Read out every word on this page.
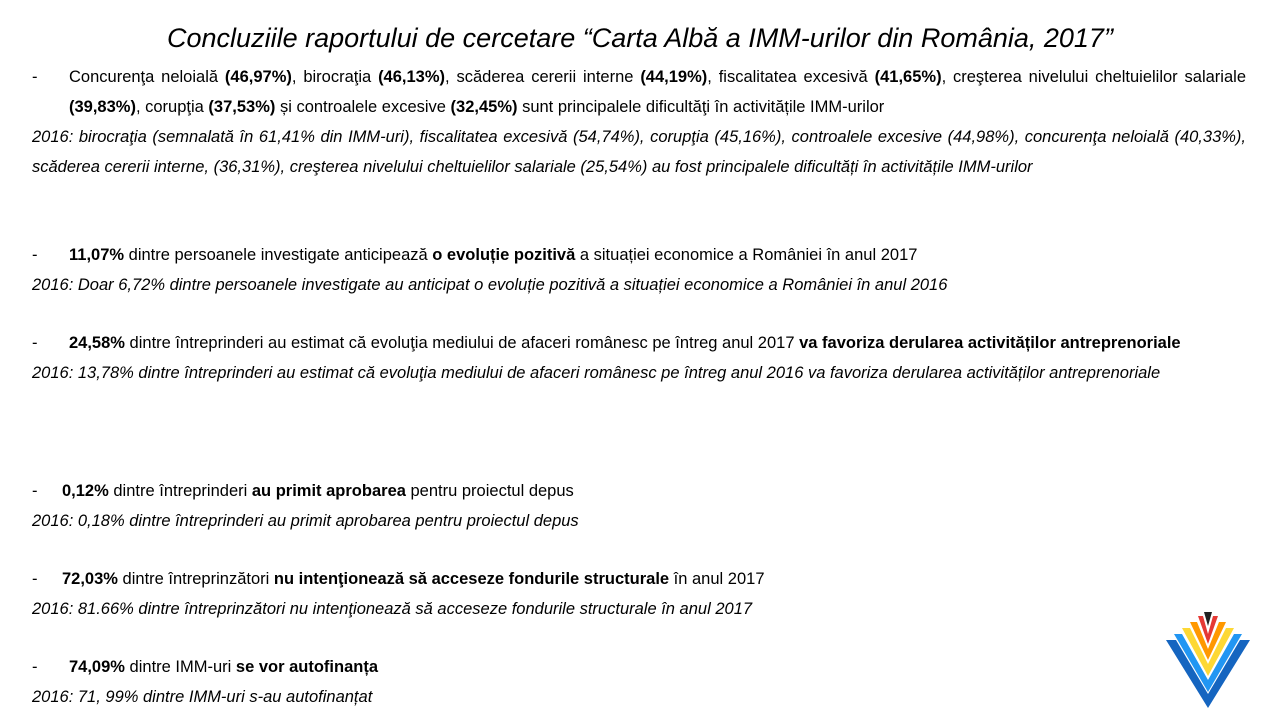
Concluziile raportului de cercetare “Carta Albă a IMM-urilor din România, 2017”
- Concurenţa neloială (46,97%), birocraţia (46,13%), scăderea cererii interne (44,19%), fiscalitatea excesivă (41,65%), creşterea nivelului cheltuielilor salariale (39,83%), corupţia (37,53%) și controalele excesive (32,45%) sunt principalele dificultăţi în activitățile IMM-urilor
2016: birocraţia (semnalată în 61,41% din IMM-uri), fiscalitatea excesivă (54,74%), corupţia (45,16%), controalele excesive (44,98%), concurenţa neloială (40,33%), scăderea cererii interne, (36,31%), creşterea nivelului cheltuielilor salariale (25,54%) au fost principalele dificultăți în activitățile IMM-urilor
- 11,07% dintre persoanele investigate anticipează o evoluție pozitivă a situației economice a României în anul 2017
2016: Doar 6,72% dintre persoanele investigate au anticipat o evoluție pozitivă a situației economice a României în anul 2016
- 24,58% dintre întreprinderi au estimat că evoluţia mediului de afaceri românesc pe întreg anul 2017 va favoriza derularea activităților antreprenoriale
2016: 13,78% dintre întreprinderi au estimat că evoluţia mediului de afaceri românesc pe întreg anul 2016 va favoriza derularea activităților antreprenoriale
- 0,12% dintre întreprinderi au primit aprobarea pentru proiectul depus
2016: 0,18% dintre întreprinderi au primit aprobarea pentru proiectul depus
- 72,03% dintre întreprinzători nu intenţionează să acceseze fondurile structurale în anul 2017
2016: 81.66% dintre întreprinzători nu intenţionează să acceseze fondurile structurale în anul 2017
- 74,09% dintre IMM-uri se vor autofinanța
2016: 71, 99% dintre IMM-uri s-au autofinanțat
